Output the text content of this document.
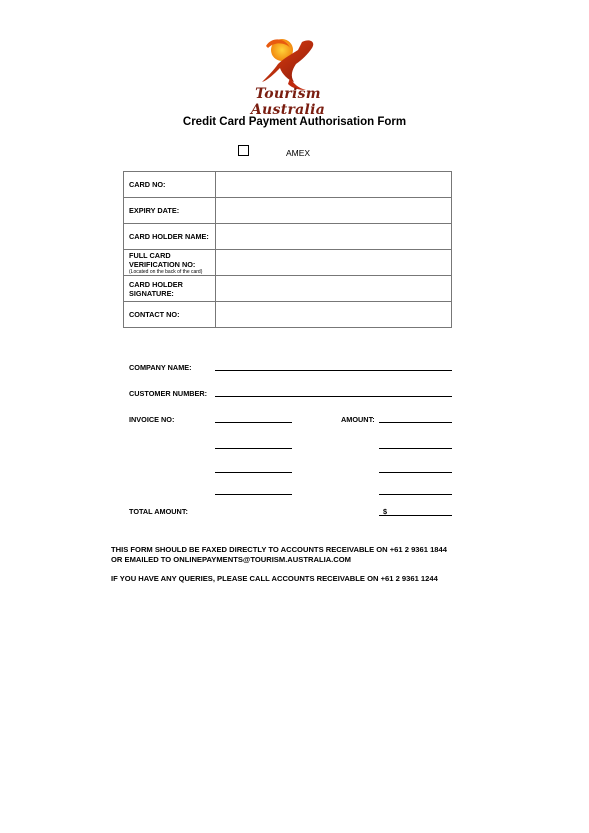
Tourism Australia
Credit Card Payment Authorisation Form
AMEX
CARD NO:	
EXPIRY DATE:	
CARD HOLDER NAME:	
FULL CARD VERIFICATION NO:
(Located on the back of the card)	

CARD HOLDER SIGNATURE:	
CONTACT NO:	
COMPANY NAME:
CUSTOMER NUMBER:
INVOICE NO:	AMOUNT:
TOTAL AMOUNT:	$
THIS FORM SHOULD BE FAXED DIRECTLY TO ACCOUNTS RECEIVABLE ON +61 2 9361 1844
OR EMAILED TO ONLINEPAYMENTS@TOURISM.AUSTRALIA.COM
IF YOU HAVE ANY QUERIES, PLEASE CALL ACCOUNTS RECEIVABLE ON +61 2 9361 1244
